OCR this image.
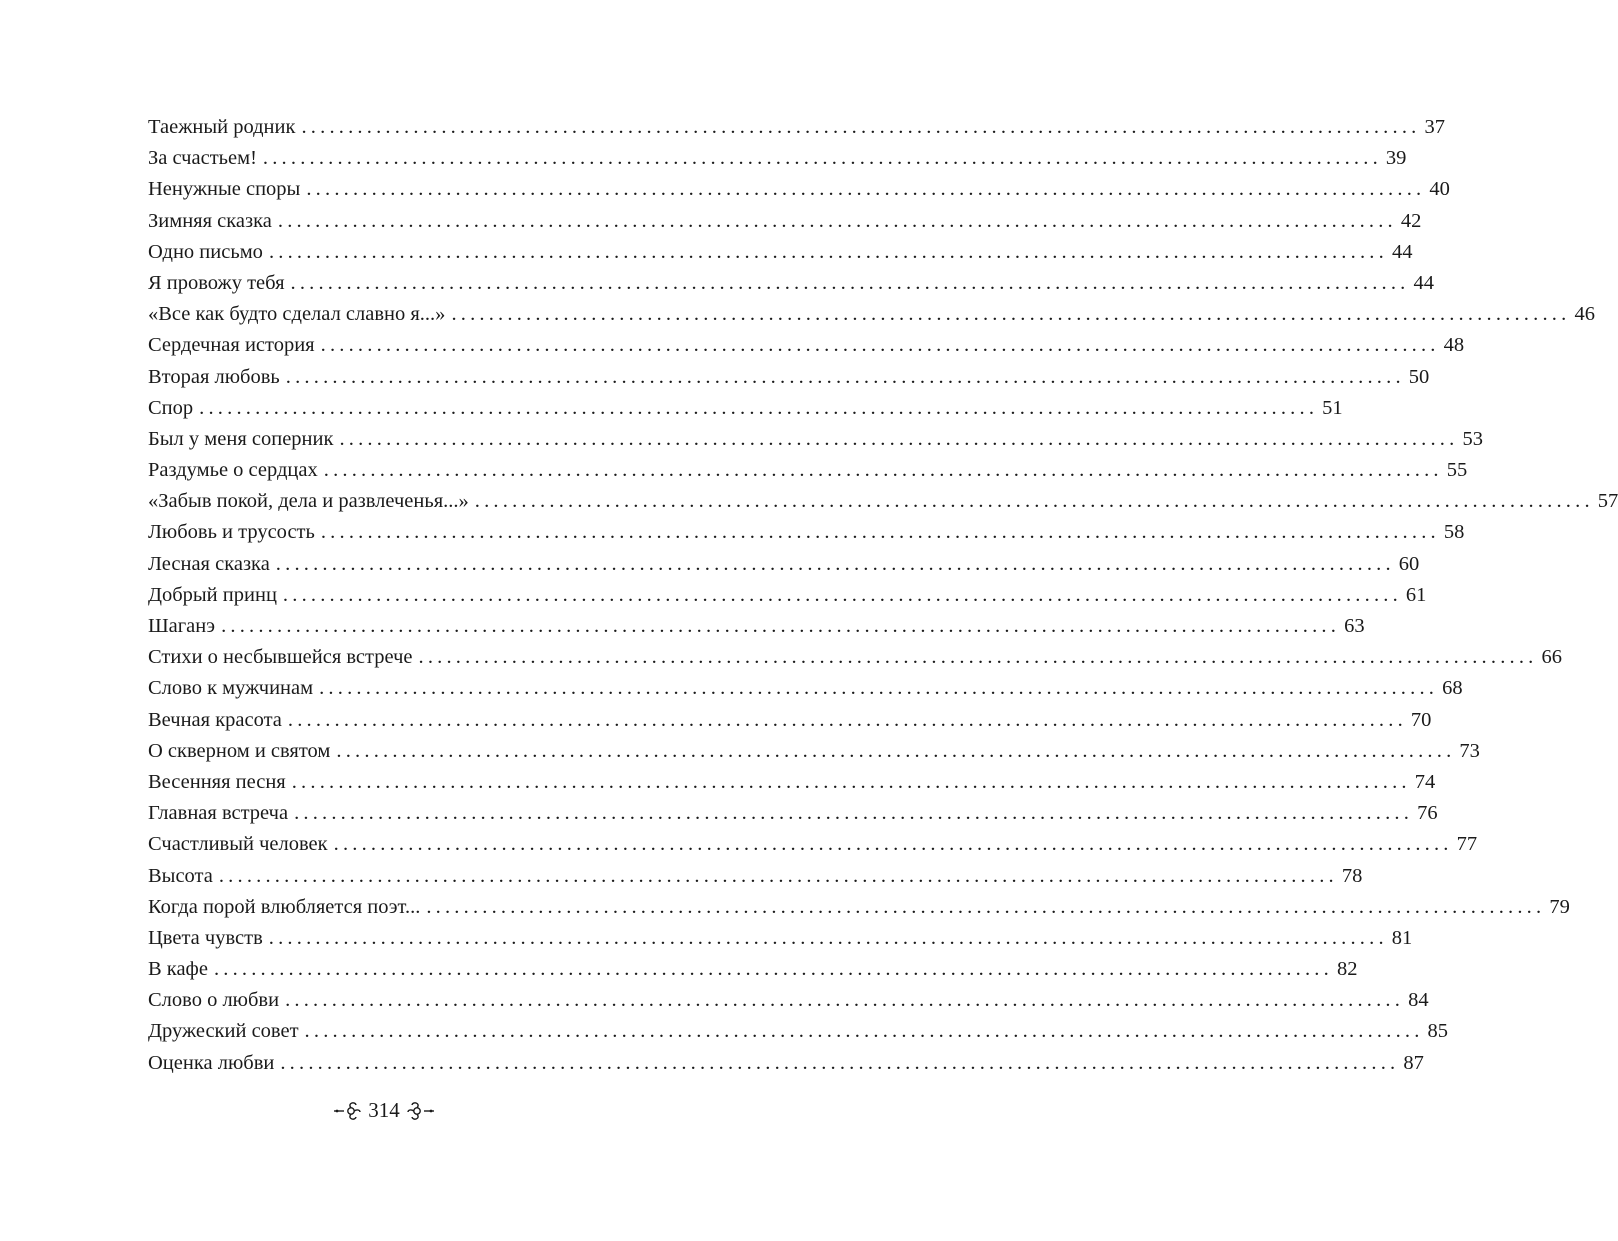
Таежный родник ........................................................................................................................ 37
За счастьем! ........................................................................................................................ 39
Ненужные споры ........................................................................................................................ 40
Зимняя сказка ........................................................................................................................ 42
Одно письмо ........................................................................................................................ 44
Я провожу тебя ........................................................................................................................ 44
«Все как будто сделал славно я...» ........................................................................................................................ 46
Сердечная история ........................................................................................................................ 48
Вторая любовь ........................................................................................................................ 50
Спор ........................................................................................................................ 51
Был у меня соперник ........................................................................................................................ 53
Раздумье о сердцах ........................................................................................................................ 55
«Забыв покой, дела и развлеченья...» ........................................................................................................................ 57
Любовь и трусость ........................................................................................................................ 58
Лесная сказка ........................................................................................................................ 60
Добрый принц ........................................................................................................................ 61
Шаганэ ........................................................................................................................ 63
Стихи о несбывшейся встрече ........................................................................................................................ 66
Слово к мужчинам ........................................................................................................................ 68
Вечная красота ........................................................................................................................ 70
О скверном и святом ........................................................................................................................ 73
Весенняя песня ........................................................................................................................ 74
Главная встреча ........................................................................................................................ 76
Счастливый человек ........................................................................................................................ 77
Высота ........................................................................................................................ 78
Когда порой влюбляется поэт... ........................................................................................................................ 79
Цвета чувств ........................................................................................................................ 81
В кафе ........................................................................................................................ 82
Слово о любви ........................................................................................................................ 84
Дружеский совет ........................................................................................................................ 85
Оценка любви ........................................................................................................................ 87
314
